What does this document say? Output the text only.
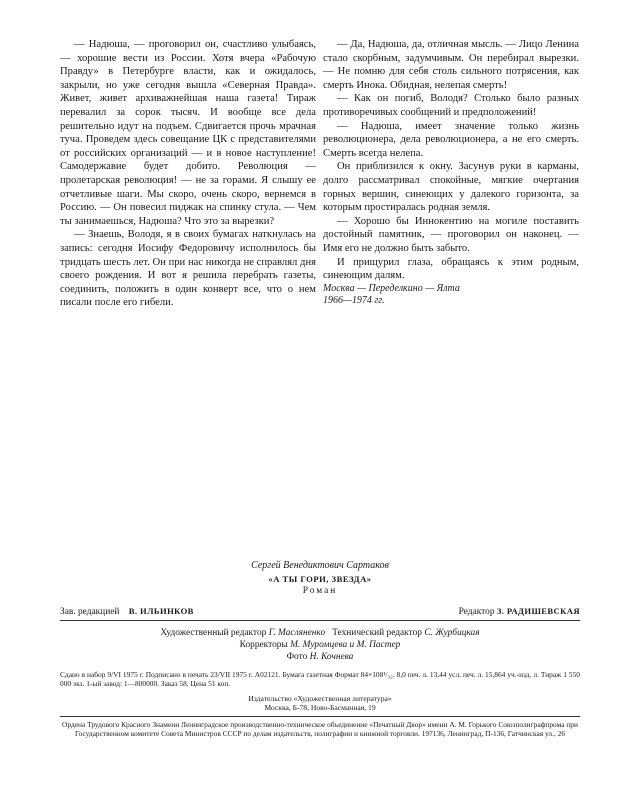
— Надюша, — проговорил он, счастливо улыбаясь, — хорошие вести из России. Хотя вчера «Рабочую Правду» в Петербурге власти, как и ожидалось, закрыли, но уже сегодня вышла «Северная Правда». Живет, живет архиважнейшая наша газета! Тираж перевалил за сорок тысяч. И вообще все дела решительно идут на подъем. Сдвигается прочь мрачная туча. Проведем здесь совещание ЦК с представителями от российских организаций — и в новое наступление! Самодержавие будет добито. Революция — пролетарская революция! — не за горами. Я слышу ее отчетливые шаги. Мы скоро, очень скоро, вернемся в Россию. — Он повесил пиджак на спинку стула. — Чем ты занимаешься, Надюша? Что это за вырезки?

— Знаешь, Володя, я в своих бумагах наткнулась на запись: сегодня Иосифу Федоровичу исполнилось бы тридцать шесть лет. Он при нас никогда не справлял дня своего рождения. И вот я решила перебрать газеты, соединить, положить в один конверт все, что о нем писали после его гибели.

— Да, Надюша, да, отличная мысль. — Лицо Ленина стало скорбным, задумчивым. Он перебирал вырезки. — Не помню для себя столь сильного потрясения, как смерть Инока. Обидная, нелепая смерть!

— Как он погиб, Володя? Столько было разных противоречивых сообщений и предположений!

— Надюша, имеет значение только жизнь революционера, дела революционера, а не его смерть. Смерть всегда нелепа.

Он приблизился к окну. Засунув руки в карманы, долго рассматривал спокойные, мягкие очертания горных вершин, синеющих у далекого горизонта, за которым простиралась родная земля.

— Хорошо бы Иннокентию на могиле поставить достойный памятник, — проговорил он наконец. — Имя его не должно быть забыто.

И прищурил глаза, обращаясь к этим родным, синеющим далям.

Москва — Переделкино — Ялта
1966—1974 гг.

Сергей Венедиктович Сартаков
«А ТЫ ГОРИ, ЗВЕЗДА»
Роман
Зав. редакцией В. ИЛЬИНКОВ	Редактор З. РАДИШЕВСКАЯ
Художественный редактор Г. Масляненко Технический редактор С. Журбицкая
Корректоры М. Муромцева и М. Пастер
Фото Н. Кочнева
Сдано в набор 9/VI 1975 г. Подписано в печать 23/VII 1975 г. A02121. Бумага газетная Формат 84×108¹/₃₂. 8,0 печ. л. 13,44 усл. печ. л. 15,864 уч.-изд. л. Тираж 1 550 000 экз. 1-ый завод: 1—800000. Заказ 58. Цена 51 коп.
Издательство «Художественная литература»
Москва, Б-78, Ново-Басманная, 19
Ордена Трудового Красного Знамени Ленинградское производственно-техническое объединение «Печатный Двор» имени А. М. Горького Союзполиграфпрома при Государственном комитете Совета Министров СССР по делам издательств, полиграфии и книжной торговли. 197136, Ленинград, П-136, Гатчинская ул., 26
